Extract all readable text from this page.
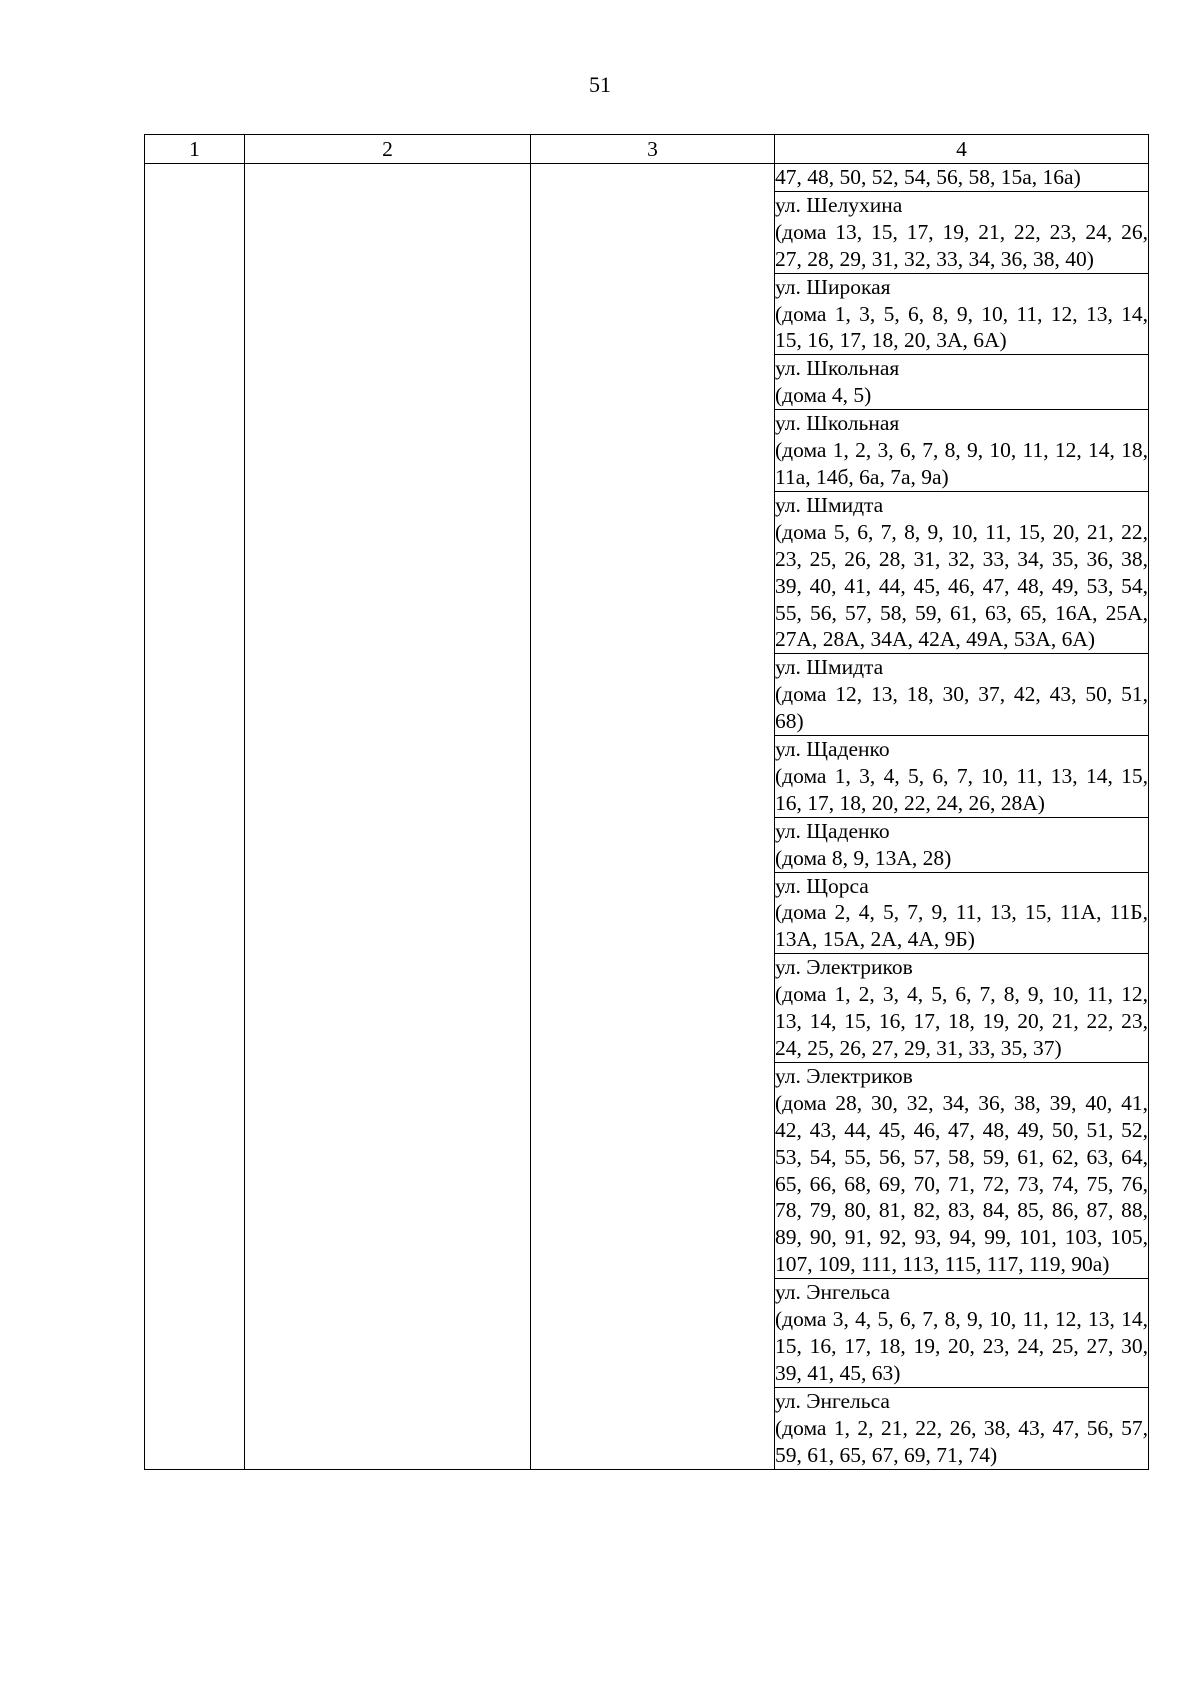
51
1	2	3	4

			47, 48, 50, 52, 54, 56, 58, 15а, 16а)

			ул. Шелухина
(дома 13, 15, 17, 19, 21, 22, 23, 24, 26, 27, 28, 29, 31, 32, 33, 34, 36, 38, 40)

			ул. Широкая
(дома 1, 3, 5, 6, 8, 9, 10, 11, 12, 13, 14, 15, 16, 17, 18, 20, 3А, 6А)

			ул. Школьная
(дома 4, 5)

			ул. Школьная
(дома 1, 2, 3, 6, 7, 8, 9, 10, 11, 12, 14, 18, 11а, 14б, 6а, 7а, 9а)

			ул. Шмидта
(дома 5, 6, 7, 8, 9, 10, 11, 15, 20, 21, 22, 23, 25, 26, 28, 31, 32, 33, 34, 35, 36, 38, 39, 40, 41, 44, 45, 46, 47, 48, 49, 53, 54, 55, 56, 57, 58, 59, 61, 63, 65, 16А, 25А, 27А, 28А, 34А, 42А, 49А, 53А, 6А)

			ул. Шмидта
(дома 12, 13, 18, 30, 37, 42, 43, 50, 51, 68)

			ул. Щаденко
(дома 1, 3, 4, 5, 6, 7, 10, 11, 13, 14, 15, 16, 17, 18, 20, 22, 24, 26, 28А)

			ул. Щаденко
(дома 8, 9, 13А, 28)

			ул. Щорса
(дома 2, 4, 5, 7, 9, 11, 13, 15, 11А, 11Б, 13А, 15А, 2А, 4А, 9Б)

			ул. Электриков
(дома 1, 2, 3, 4, 5, 6, 7, 8, 9, 10, 11, 12, 13, 14, 15, 16, 17, 18, 19, 20, 21, 22, 23, 24, 25, 26, 27, 29, 31, 33, 35, 37)

			ул. Электриков
(дома 28, 30, 32, 34, 36, 38, 39, 40, 41, 42, 43, 44, 45, 46, 47, 48, 49, 50, 51, 52, 53, 54, 55, 56, 57, 58, 59, 61, 62, 63, 64, 65, 66, 68, 69, 70, 71, 72, 73, 74, 75, 76, 78, 79, 80, 81, 82, 83, 84, 85, 86, 87, 88, 89, 90, 91, 92, 93, 94, 99, 101, 103, 105, 107, 109, 111, 113, 115, 117, 119, 90а)

			ул. Энгельса
(дома 3, 4, 5, 6, 7, 8, 9, 10, 11, 12, 13, 14, 15, 16, 17, 18, 19, 20, 23, 24, 25, 27, 30, 39, 41, 45, 63)

			ул. Энгельса
(дома 1, 2, 21, 22, 26, 38, 43, 47, 56, 57, 59, 61, 65, 67, 69, 71, 74)
